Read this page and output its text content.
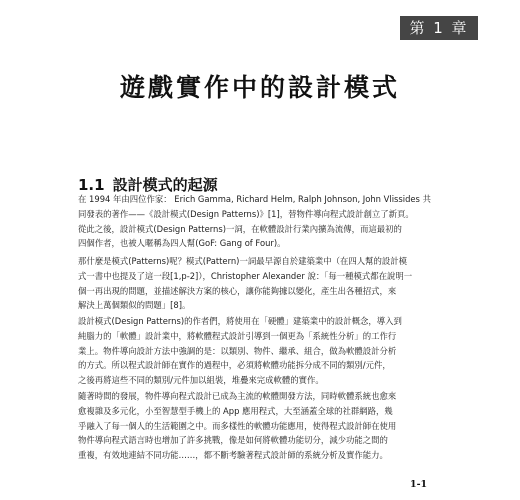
第 1 章
遊戲實作中的設計模式
1.1 設計模式的起源
在 1994 年由四位作家： Erich Gamma, Richard Helm, Ralph Johnson, John Vlissides 共
同發表的著作——《設計模式(Design Patterns)》[1]，替物件導向程式設計創立了新頁。
從此之後，設計模式(Design Patterns)一詞，在軟體設計行業內擴為流傳，而這最初的
四個作者，也被人暱稱為四人幫(GoF: Gang of Four)。
那什麼是模式(Patterns)呢？模式(Pattern)一詞最早源自於建築業中（在四人幫的設計模
式一書中也提及了這一段[1,p-2]），Christopher Alexander 說：「每一種模式都在說明一
個一再出現的問題，並描述解決方案的核心，讓你能夠據以變化，產生出各種招式，來
解決上萬個類似的問題」[8]。
設計模式(Design Patterns)的作者們，將使用在「硬體」建築業中的設計概念，導入到
純腦力的「軟體」設計業中，將軟體程式設計引導到一個更為「系統性分析」的工作行
業上。物件導向設計方法中強調的是：以類別、物件、繼承、組合，做為軟體設計分析
的方式。所以程式設計師在實作的過程中，必須將軟體功能拆分成不同的類別/元件，
之後再將這些不同的類別/元件加以組裝，堆疊來完成軟體的實作。
隨著時間的發展，物件導向程式設計已成為主流的軟體開發方法，同時軟體系統也愈來
愈複雜及多元化，小至智慧型手機上的 App 應用程式，大至涵蓋全球的社群網路，幾
乎融入了每一個人的生活範圍之中。而多樣性的軟體功能應用，使得程式設計師在使用
物件導向程式語言時也增加了許多挑戰，像是如何將軟體功能切分，減少功能之間的
重複，有效地連結不同功能……，都不斷考驗著程式設計師的系統分析及實作能力。
1-1
